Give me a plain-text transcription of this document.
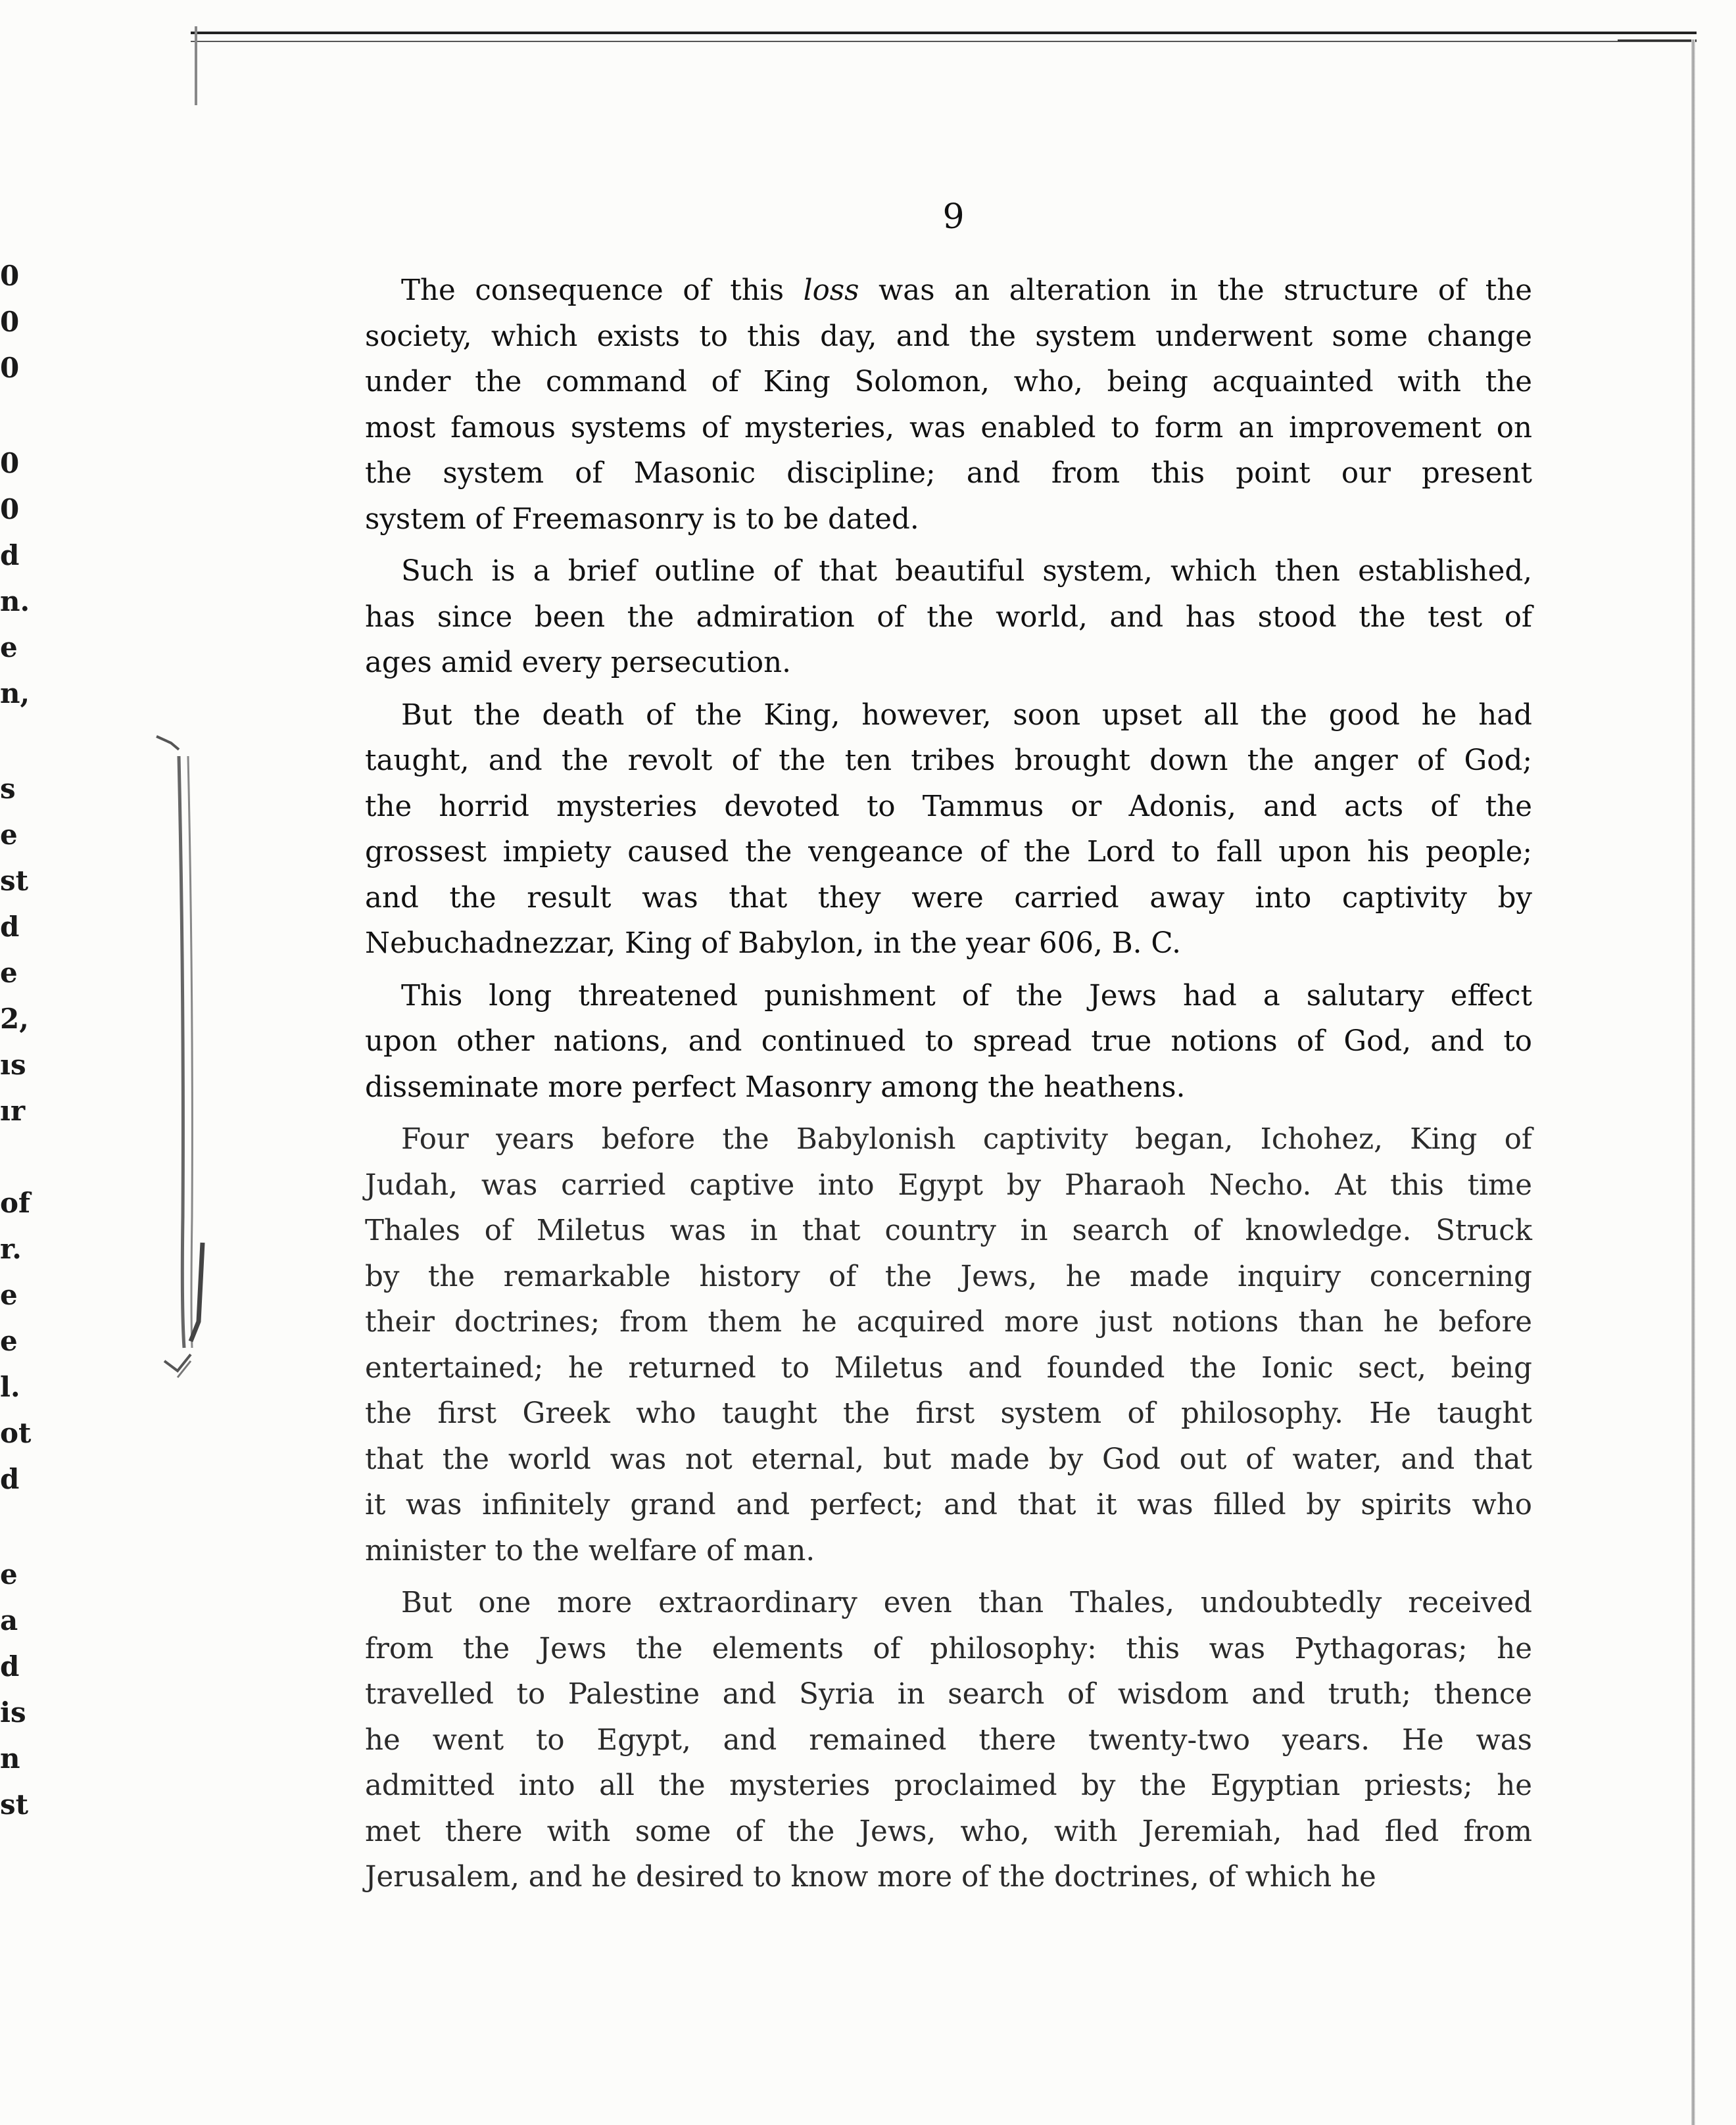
0
0
0
0
0
d
n.
e
n,
s
e
st
d
e
2,
ıs
ır
of
r.
e
e
l.
ot
d
e
a
d
is
n
st
9
The consequence of this loss was an alteration in the structure of the
society, which exists to this day, and the system underwent some change
under the command of King Solomon, who, being acquainted with the
most famous systems of mysteries, was enabled to form an improvement on
the system of Masonic discipline; and from this point our present
system of Freemasonry is to be dated.
Such is a brief outline of that beautiful system, which then established,
has since been the admiration of the world, and has stood the test of
ages amid every persecution.
But the death of the King, however, soon upset all the good he had
taught, and the revolt of the ten tribes brought down the anger of God;
the horrid mysteries devoted to Tammus or Adonis, and acts of the
grossest impiety caused the vengeance of the Lord to fall upon his people;
and the result was that they were carried away into captivity by
Nebuchadnezzar, King of Babylon, in the year 606, B. C.
This long threatened punishment of the Jews had a salutary effect
upon other nations, and continued to spread true notions of God, and to
disseminate more perfect Masonry among the heathens.
Four years before the Babylonish captivity began, Ichohez, King of
Judah, was carried captive into Egypt by Pharaoh Necho. At this time
Thales of Miletus was in that country in search of knowledge. Struck
by the remarkable history of the Jews, he made inquiry concerning
their doctrines; from them he acquired more just notions than he before
entertained; he returned to Miletus and founded the Ionic sect, being
the first Greek who taught the first system of philosophy. He taught
that the world was not eternal, but made by God out of water, and that
it was infinitely grand and perfect; and that it was filled by spirits who
minister to the welfare of man.
But one more extraordinary even than Thales, undoubtedly received
from the Jews the elements of philosophy: this was Pythagoras; he
travelled to Palestine and Syria in search of wisdom and truth; thence
he went to Egypt, and remained there twenty-two years. He was
admitted into all the mysteries proclaimed by the Egyptian priests; he
met there with some of the Jews, who, with Jeremiah, had fled from
Jerusalem, and he desired to know more of the doctrines, of which he
